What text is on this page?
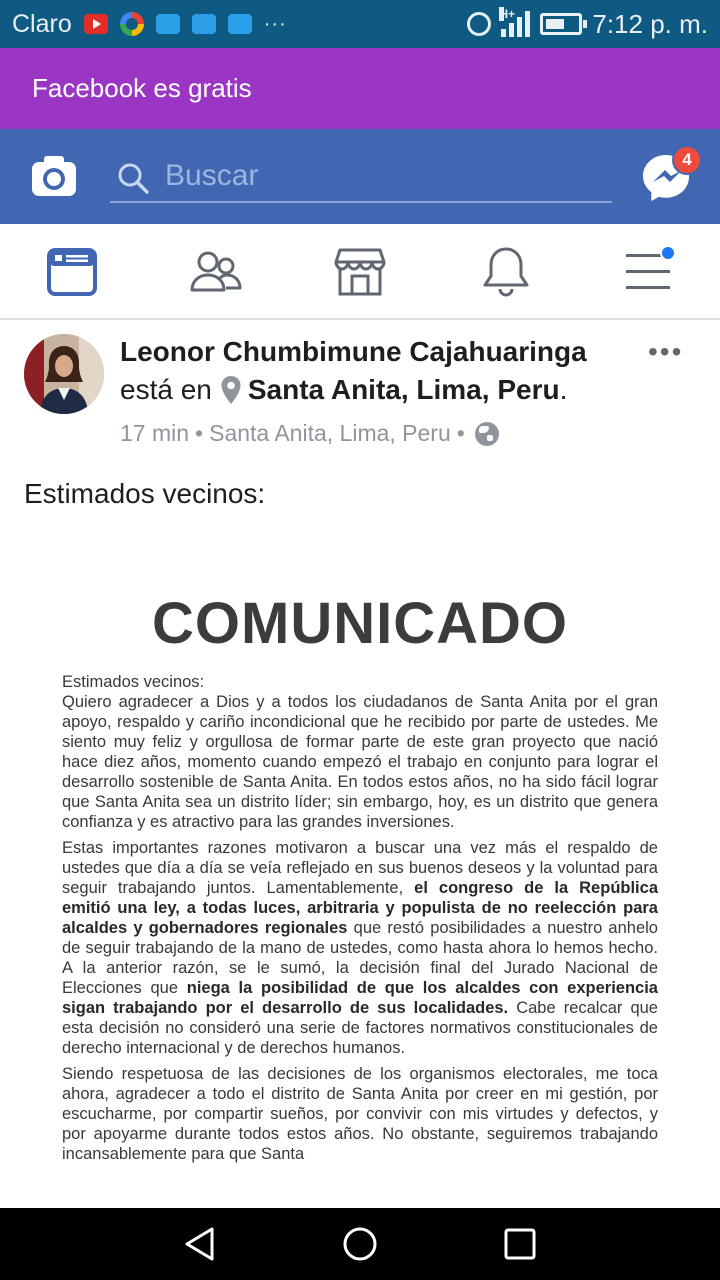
Claro	···	H+	7:12 p. m.
Facebook es gratis
Buscar	4
Leonor Chumbimune Cajahuaringa •••
está en Santa Anita, Lima, Peru .
17 min • Santa Anita, Lima, Peru •
Estimados vecinos:
COMUNICADO

Estimados vecinos:

Quiero agradecer a Dios y a todos los ciudadanos de Santa Anita por el gran apoyo, respaldo y cariño incondicional que he recibido por parte de ustedes. Me siento muy feliz y orgullosa de formar parte de este gran proyecto que nació hace diez años, momento cuando empezó el trabajo en conjunto para lograr el desarrollo sostenible de Santa Anita. En todos estos años, no ha sido fácil lograr que Santa Anita sea un distrito líder; sin embargo, hoy, es un distrito que genera confianza y es atractivo para las grandes inversiones.

Estas importantes razones motivaron a buscar una vez más el respaldo de ustedes que día a día se veía reflejado en sus buenos deseos y la voluntad para seguir trabajando juntos. Lamentablemente, el congreso de la República emitió una ley, a todas luces, arbitraria y populista de no reelección para alcaldes y gobernadores regionales que restó posibilidades a nuestro anhelo de seguir trabajando de la mano de ustedes, como hasta ahora lo hemos hecho. A la anterior razón, se le sumó, la decisión final del Jurado Nacional de Elecciones que niega la posibilidad de que los alcaldes con experiencia sigan trabajando por el desarrollo de sus localidades. Cabe recalcar que esta decisión no consideró una serie de factores normativos constitucionales de derecho internacional y de derechos humanos.

Siendo respetuosa de las decisiones de los organismos electorales, me toca ahora, agradecer a todo el distrito de Santa Anita por creer en mi gestión, por escucharme, por compartir sueños, por convivir con mis virtudes y defectos, y por apoyarme durante todos estos años. No obstante, seguiremos trabajando incansablemente para que Santa
